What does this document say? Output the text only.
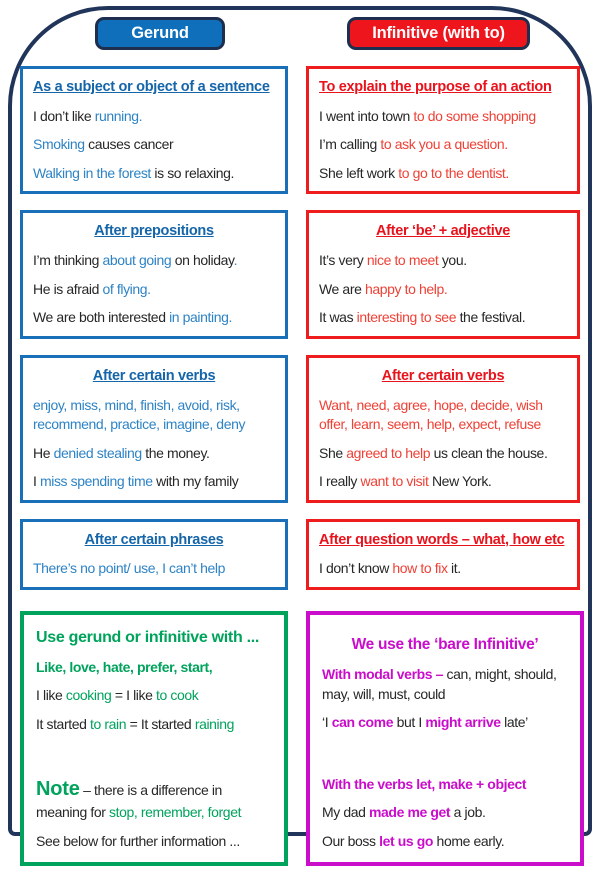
Gerund	Infinitive (with to)
As a subject or object of a sentence

I don’t like running.

Smoking causes cancer

Walking in the forest is so relaxing.

After prepositions

I’m thinking about going on holiday.

He is afraid of flying.

We are both interested in painting.

After certain verbs

enjoy, miss, mind, finish, avoid, risk,

recommend, practice, imagine, deny

He denied stealing the money.

I miss spending time with my family

After certain phrases

There’s no point/ use, I can’t help

Use gerund or infinitive with ...

Like, love, hate, prefer, start,

I like cooking = I like to cook

It started to rain = It started raining

Note – there is a difference in

meaning for stop, remember, forget

See below for further information ...

To explain the purpose of an action

I went into town to do some shopping

I’m calling to ask you a question.

She left work to go to the dentist.

After ‘be’ + adjective

It’s very nice to meet you.

We are happy to help.

It was interesting to see the festival.

After certain verbs

Want, need, agree, hope, decide, wish

offer, learn, seem, help, expect, refuse

She agreed to help us clean the house.

I really want to visit New York.

After question words – what, how etc

I don’t know how to fix it.

We use the ‘bare Infinitive’

With modal verbs – can, might, should,

may, will, must, could

‘I can come but I might arrive late’

With the verbs let, make + object

My dad made me get a job.

Our boss let us go home early.
